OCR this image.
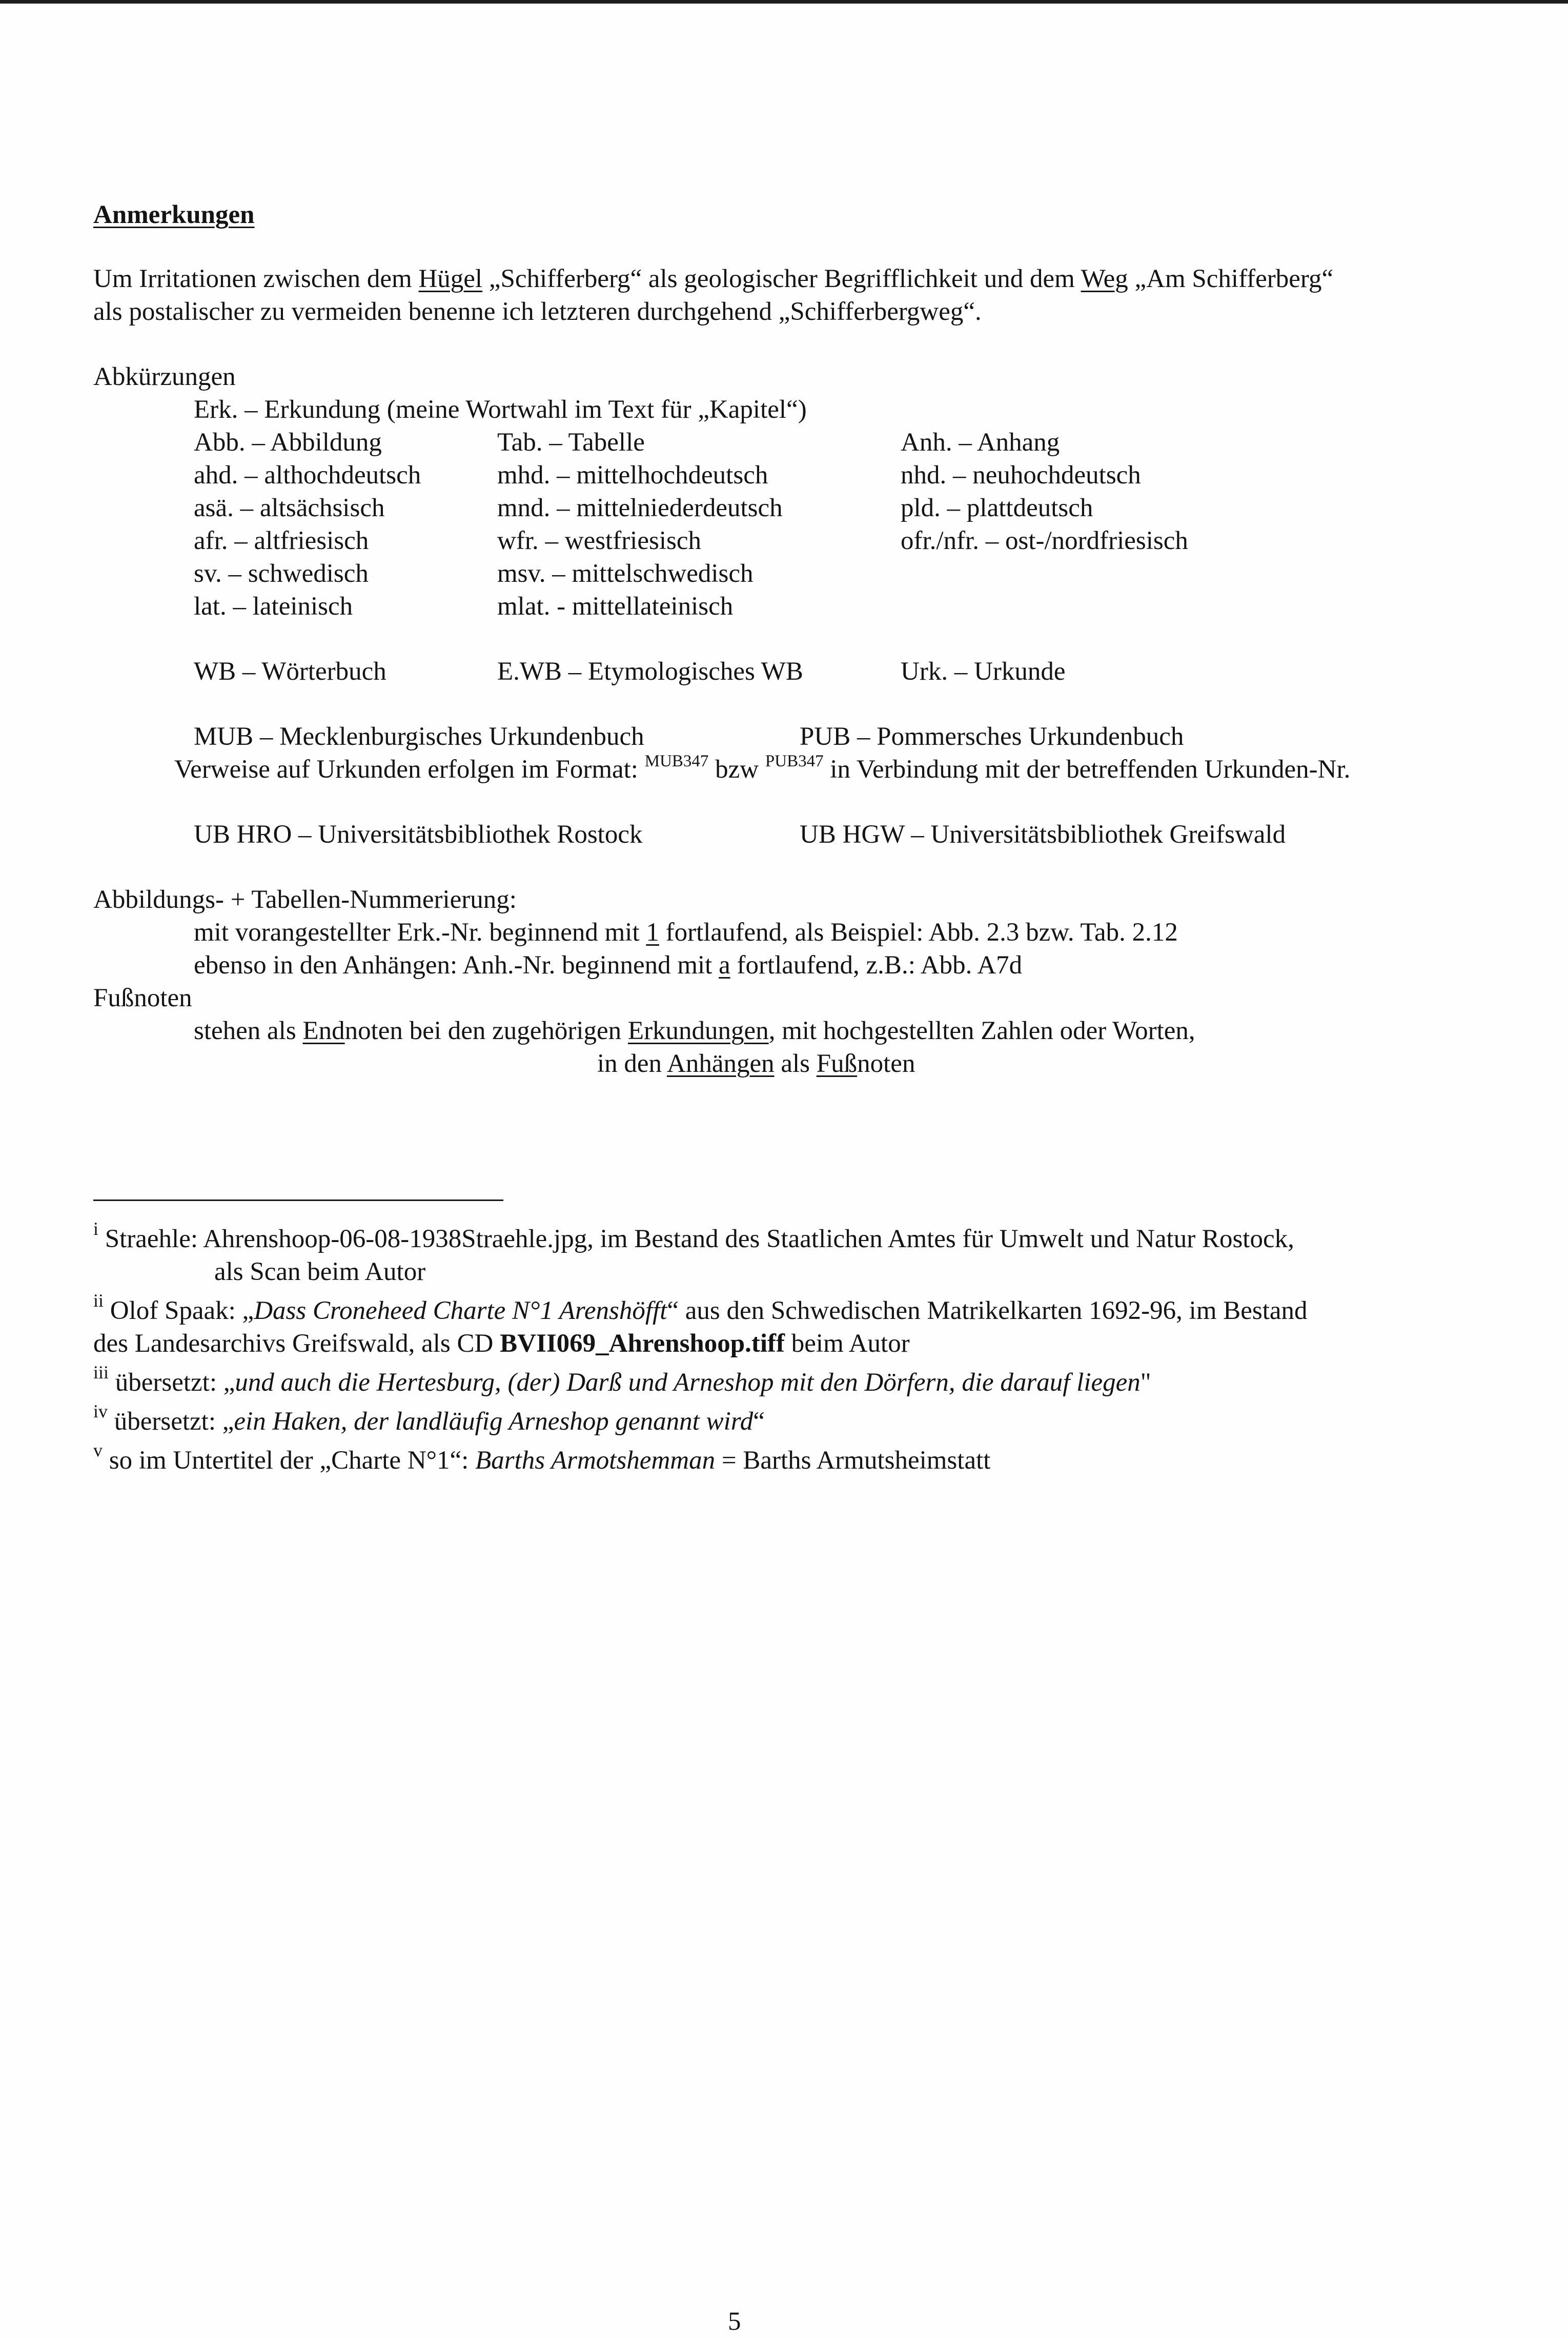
Anmerkungen
Um Irritationen zwischen dem Hügel „Schifferberg“ als geologischer Begrifflichkeit und dem Weg „Am Schifferberg“
als postalischer zu vermeiden benenne ich letzteren durchgehend „Schifferbergweg“.
Abkürzungen
Erk. – Erkundung (meine Wortwahl im Text für „Kapitel“)
Abb. – Abbildung	Tab. – Tabelle	Anh. – Anhang
ahd. – althochdeutsch	mhd. – mittelhochdeutsch	nhd. – neuhochdeutsch
asä. – altsächsisch	mnd. – mittelniederdeutsch	pld. – plattdeutsch
afr. – altfriesisch	wfr. – westfriesisch	ofr./nfr. – ost-/nordfriesisch
sv. – schwedisch	msv. – mittelschwedisch
lat. – lateinisch	mlat. - mittellateinisch
WB – Wörterbuch	E.WB – Etymologisches WB	Urk. – Urkunde
MUB – Mecklenburgisches Urkundenbuch	PUB – Pommersches Urkundenbuch
Verweise auf Urkunden erfolgen im Format: $^{MUB347}$ bzw $^{PUB347}$ in Verbindung mit der betreffenden Urkunden-Nr.
UB HRO – Universitätsbibliothek Rostock	UB HGW – Universitätsbibliothek Greifswald
Abbildungs- + Tabellen-Nummerierung:
mit vorangestellter Erk.-Nr. beginnend mit 1 fortlaufend, als Beispiel: Abb. 2.3 bzw. Tab. 2.12
ebenso in den Anhängen: Anh.-Nr. beginnend mit a fortlaufend, z.B.: Abb. A7d
Fußnoten
stehen als Endnoten bei den zugehörigen Erkundungen, mit hochgestellten Zahlen oder Worten,
in den Anhängen als Fußnoten
$^i$ Straehle: Ahrenshoop-06-08-1938Straehle.jpg, im Bestand des Staatlichen Amtes für Umwelt und Natur Rostock,
als Scan beim Autor
$^{ii}$ Olof Spaak: „Dass Croneheed Charte N°1 Arenshöfft“ aus den Schwedischen Matrikelkarten 1692-96, im Bestand
des Landesarchivs Greifswald, als CD BVII069_Ahrenshoop.tiff beim Autor
$^{iii}$ übersetzt: „und auch die Hertesburg, (der) Darß und Arneshop mit den Dörfern, die darauf liegen"
$^{iv}$ übersetzt: „ein Haken, der landläufig Arneshop genannt wird“
$^v$ so im Untertitel der „Charte N°1“: Barths Armotshemman = Barths Armutsheimstatt
5
